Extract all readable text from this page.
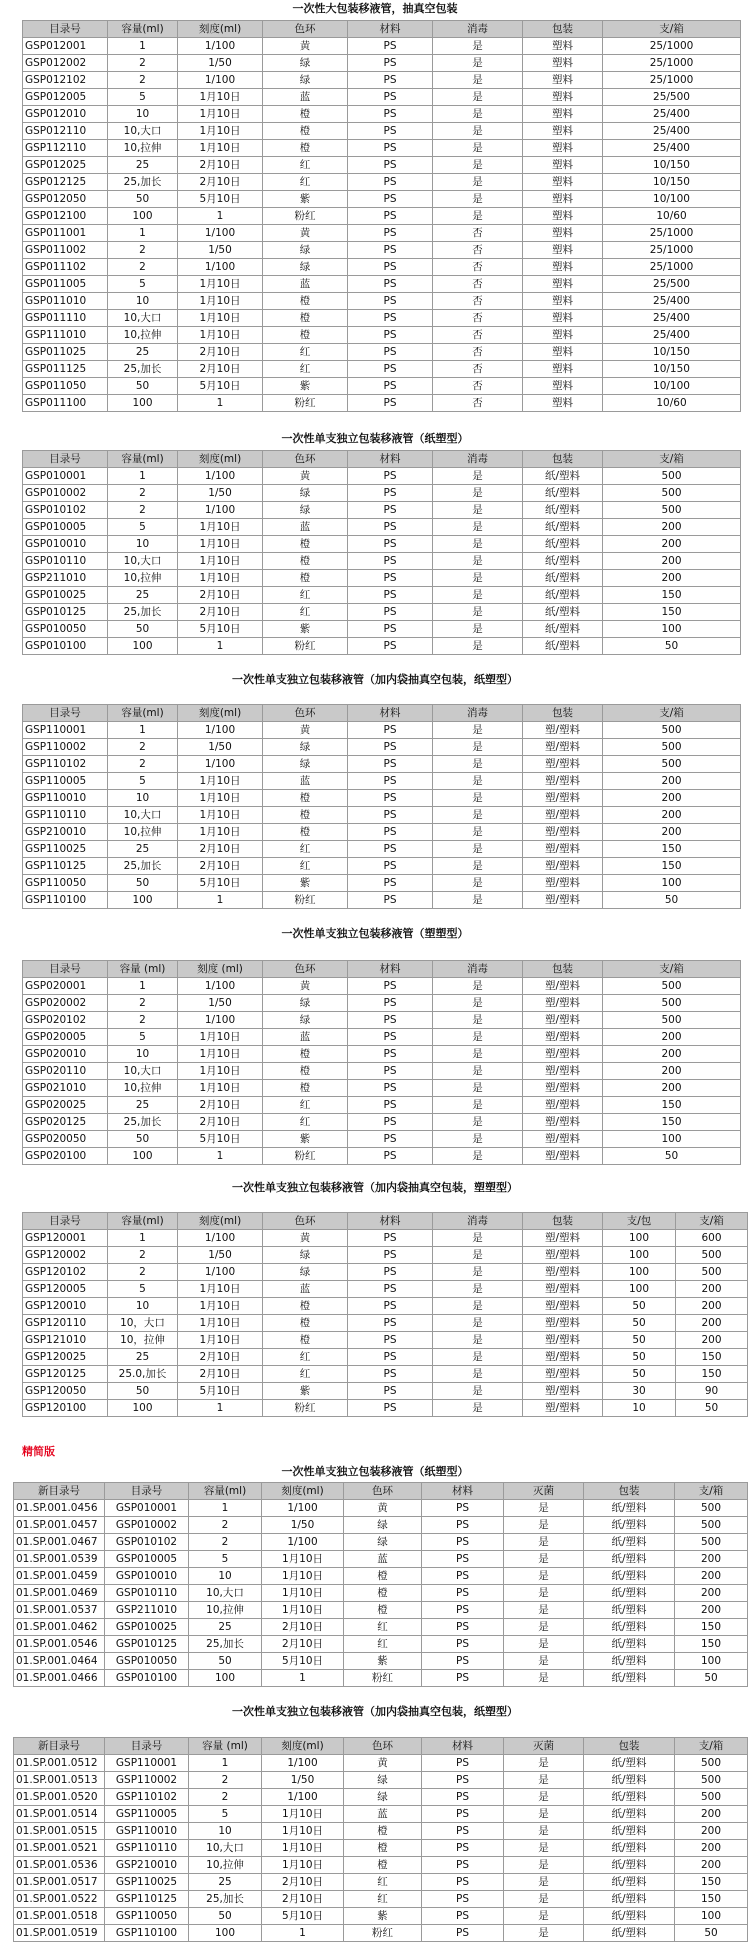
一次性大包装移液管，抽真空包装
目录号	容量(ml)	刻度(ml)	色环	材料	消毒	包装	支/箱
GSP012001	1	1/100	黄	PS	是	塑料	25/1000
GSP012002	2	1/50	绿	PS	是	塑料	25/1000
GSP012102	2	1/100	绿	PS	是	塑料	25/1000
GSP012005	5	1月10日	蓝	PS	是	塑料	25/500
GSP012010	10	1月10日	橙	PS	是	塑料	25/400
GSP012110	10,大口	1月10日	橙	PS	是	塑料	25/400
GSP112110	10,拉伸	1月10日	橙	PS	是	塑料	25/400
GSP012025	25	2月10日	红	PS	是	塑料	10/150
GSP012125	25,加长	2月10日	红	PS	是	塑料	10/150
GSP012050	50	5月10日	紫	PS	是	塑料	10/100
GSP012100	100	1	粉红	PS	是	塑料	10/60
GSP011001	1	1/100	黄	PS	否	塑料	25/1000
GSP011002	2	1/50	绿	PS	否	塑料	25/1000
GSP011102	2	1/100	绿	PS	否	塑料	25/1000
GSP011005	5	1月10日	蓝	PS	否	塑料	25/500
GSP011010	10	1月10日	橙	PS	否	塑料	25/400
GSP011110	10,大口	1月10日	橙	PS	否	塑料	25/400
GSP111010	10,拉伸	1月10日	橙	PS	否	塑料	25/400
GSP011025	25	2月10日	红	PS	否	塑料	10/150
GSP011125	25,加长	2月10日	红	PS	否	塑料	10/150
GSP011050	50	5月10日	紫	PS	否	塑料	10/100
GSP011100	100	1	粉红	PS	否	塑料	10/60
一次性单支独立包装移液管（纸塑型）
目录号	容量(ml)	刻度(ml)	色环	材料	消毒	包装	支/箱
GSP010001	1	1/100	黄	PS	是	纸/塑料	500
GSP010002	2	1/50	绿	PS	是	纸/塑料	500
GSP010102	2	1/100	绿	PS	是	纸/塑料	500
GSP010005	5	1月10日	蓝	PS	是	纸/塑料	200
GSP010010	10	1月10日	橙	PS	是	纸/塑料	200
GSP010110	10,大口	1月10日	橙	PS	是	纸/塑料	200
GSP211010	10,拉伸	1月10日	橙	PS	是	纸/塑料	200
GSP010025	25	2月10日	红	PS	是	纸/塑料	150
GSP010125	25,加长	2月10日	红	PS	是	纸/塑料	150
GSP010050	50	5月10日	紫	PS	是	纸/塑料	100
GSP010100	100	1	粉红	PS	是	纸/塑料	50
一次性单支独立包装移液管（加内袋抽真空包装，纸塑型）
目录号	容量(ml)	刻度(ml)	色环	材料	消毒	包装	支/箱
GSP110001	1	1/100	黄	PS	是	塑/塑料	500
GSP110002	2	1/50	绿	PS	是	塑/塑料	500
GSP110102	2	1/100	绿	PS	是	塑/塑料	500
GSP110005	5	1月10日	蓝	PS	是	塑/塑料	200
GSP110010	10	1月10日	橙	PS	是	塑/塑料	200
GSP110110	10,大口	1月10日	橙	PS	是	塑/塑料	200
GSP210010	10,拉伸	1月10日	橙	PS	是	塑/塑料	200
GSP110025	25	2月10日	红	PS	是	塑/塑料	150
GSP110125	25,加长	2月10日	红	PS	是	塑/塑料	150
GSP110050	50	5月10日	紫	PS	是	塑/塑料	100
GSP110100	100	1	粉红	PS	是	塑/塑料	50
一次性单支独立包装移液管（塑塑型）
目录号	容量 (ml)	刻度 (ml)	色环	材料	消毒	包装	支/箱
GSP020001	1	1/100	黄	PS	是	塑/塑料	500
GSP020002	2	1/50	绿	PS	是	塑/塑料	500
GSP020102	2	1/100	绿	PS	是	塑/塑料	500
GSP020005	5	1月10日	蓝	PS	是	塑/塑料	200
GSP020010	10	1月10日	橙	PS	是	塑/塑料	200
GSP020110	10,大口	1月10日	橙	PS	是	塑/塑料	200
GSP021010	10,拉伸	1月10日	橙	PS	是	塑/塑料	200
GSP020025	25	2月10日	红	PS	是	塑/塑料	150
GSP020125	25,加长	2月10日	红	PS	是	塑/塑料	150
GSP020050	50	5月10日	紫	PS	是	塑/塑料	100
GSP020100	100	1	粉红	PS	是	塑/塑料	50
一次性单支独立包装移液管（加内袋抽真空包装，塑塑型）
目录号	容量(ml)	刻度(ml)	色环	材料	消毒	包装	支/包	支/箱
GSP120001	1	1/100	黄	PS	是	塑/塑料	100	600
GSP120002	2	1/50	绿	PS	是	塑/塑料	100	500
GSP120102	2	1/100	绿	PS	是	塑/塑料	100	500
GSP120005	5	1月10日	蓝	PS	是	塑/塑料	100	200
GSP120010	10	1月10日	橙	PS	是	塑/塑料	50	200
GSP120110	10，大口	1月10日	橙	PS	是	塑/塑料	50	200
GSP121010	10，拉伸	1月10日	橙	PS	是	塑/塑料	50	200
GSP120025	25	2月10日	红	PS	是	塑/塑料	50	150
GSP120125	25.0,加长	2月10日	红	PS	是	塑/塑料	50	150
GSP120050	50	5月10日	紫	PS	是	塑/塑料	30	90
GSP120100	100	1	粉红	PS	是	塑/塑料	10	50
精简版
一次性单支独立包装移液管（纸塑型）
新目录号	目录号	容量(ml)	刻度(ml)	色环	材料	灭菌	包装	支/箱
01.SP.001.0456	GSP010001	1	1/100	黄	PS	是	纸/塑料	500
01.SP.001.0457	GSP010002	2	1/50	绿	PS	是	纸/塑料	500
01.SP.001.0467	GSP010102	2	1/100	绿	PS	是	纸/塑料	500
01.SP.001.0539	GSP010005	5	1月10日	蓝	PS	是	纸/塑料	200
01.SP.001.0459	GSP010010	10	1月10日	橙	PS	是	纸/塑料	200
01.SP.001.0469	GSP010110	10,大口	1月10日	橙	PS	是	纸/塑料	200
01.SP.001.0537	GSP211010	10,拉伸	1月10日	橙	PS	是	纸/塑料	200
01.SP.001.0462	GSP010025	25	2月10日	红	PS	是	纸/塑料	150
01.SP.001.0546	GSP010125	25,加长	2月10日	红	PS	是	纸/塑料	150
01.SP.001.0464	GSP010050	50	5月10日	紫	PS	是	纸/塑料	100
01.SP.001.0466	GSP010100	100	1	粉红	PS	是	纸/塑料	50
一次性单支独立包装移液管（加内袋抽真空包装，纸塑型）
新目录号	目录号	容量 (ml)	刻度(ml)	色环	材料	灭菌	包装	支/箱
01.SP.001.0512	GSP110001	1	1/100	黄	PS	是	纸/塑料	500
01.SP.001.0513	GSP110002	2	1/50	绿	PS	是	纸/塑料	500
01.SP.001.0520	GSP110102	2	1/100	绿	PS	是	纸/塑料	500
01.SP.001.0514	GSP110005	5	1月10日	蓝	PS	是	纸/塑料	200
01.SP.001.0515	GSP110010	10	1月10日	橙	PS	是	纸/塑料	200
01.SP.001.0521	GSP110110	10,大口	1月10日	橙	PS	是	纸/塑料	200
01.SP.001.0536	GSP210010	10,拉伸	1月10日	橙	PS	是	纸/塑料	200
01.SP.001.0517	GSP110025	25	2月10日	红	PS	是	纸/塑料	150
01.SP.001.0522	GSP110125	25,加长	2月10日	红	PS	是	纸/塑料	150
01.SP.001.0518	GSP110050	50	5月10日	紫	PS	是	纸/塑料	100
01.SP.001.0519	GSP110100	100	1	粉红	PS	是	纸/塑料	50
